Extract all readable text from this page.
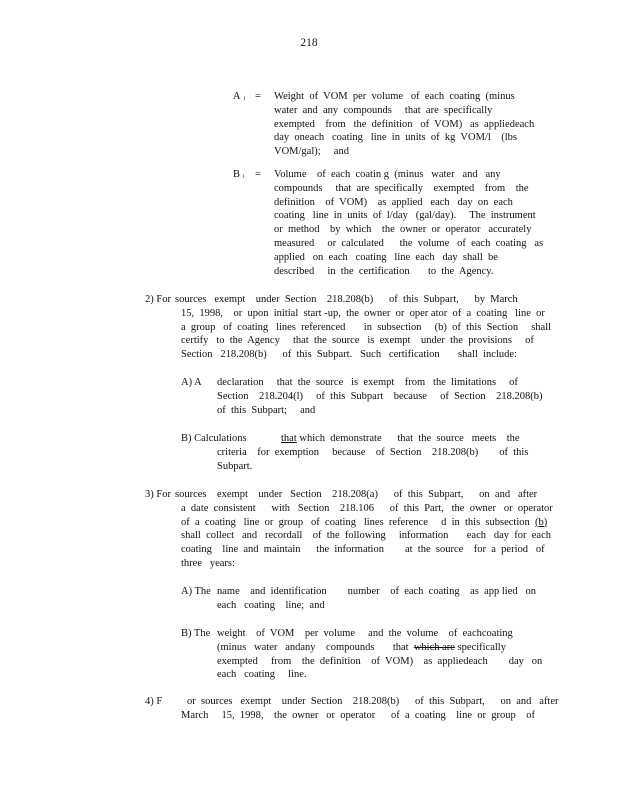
218
A $_i$ =	Weight  of  VOM  per  volume   of  each  coating  (minus
water  and  any  compounds     that  are  specifically
exempted    from   the  definition   of  VOM)   as  appliedeach
day  oneach   coating   line  in  units  of  kg  VOM/l    (lbs
VOM/gal);     and
B $_i$ =	Volume    of  each  coatin g  (minus   water   and   any
compounds     that  are  specifically    exempted    from    the
definition    of  VOM)    as  applied   each   day  on  each
coating   line  in  units  of  l/day   (gal/day).     The  instrument
or  method    by  which    the  owner  or  operator   accurately
measured     or  calculated      the  volume   of  each  coating   as
applied   on  each   coating   line  each   day  shall  be
described     in  the  certification       to  the  Agency.
2) For sources   exempt    under  Section    218.208(b)      of  this  Subpart,      by  March
15,  1998,    or  upon  initial  start -up,  the  owner  or  oper ator  of  a  coating   line  or
a  group   of  coating   lines  referenced       in  subsection     (b)  of  this  Section     shall
certify   to  the  Agency     that  the  source   is  exempt    under  the  provisions     of
Section   218.208(b)      of  this  Subpart.   Such   certification       shall  include:
A) A declaration     that  the  source   is  exempt    from   the  limitations     of
Section    218.204(l)     of  this  Subpart    because     of  Section    218.208(b)
of  this  Subpart;     and
B) Calculations	that which  demonstrate      that  the  source   meets    the
criteria    for  exemption     because    of  Section    218.208(b)        of  this
Subpart.
3) For sources    exempt    under   Section    218.208(a)      of  this  Subpart,      on  and   after
a  date  consistent      with   Section    218.106      of  this  Part,   the  owner   or  operator
of  a  coating   line  or  group   of  coating   lines  reference     d  in  this  subsection (b)
shall  collect   and   recordall    of  the  following     information       each   day  for  each
coating    line  and  maintain      the  information        at  the  source    for  a  period   of
three   years:
A) The name    and  identification        number    of  each  coating    as  app lied   on
each   coating    line;  and
B) The weight    of  VOM    per  volume     and  the  volume    of  eachcoating
(minus   water   andany    compounds       that  which are specifically
exempted     from    the  definition    of  VOM)    as  appliedeach        day   on
each   coating     line.
4) F or  sources   exempt    under  Section    218.208(b)      of  this  Subpart,      on  and   after
March     15,  1998,    the  owner   or  operator      of  a  coating    line  or  group    of
